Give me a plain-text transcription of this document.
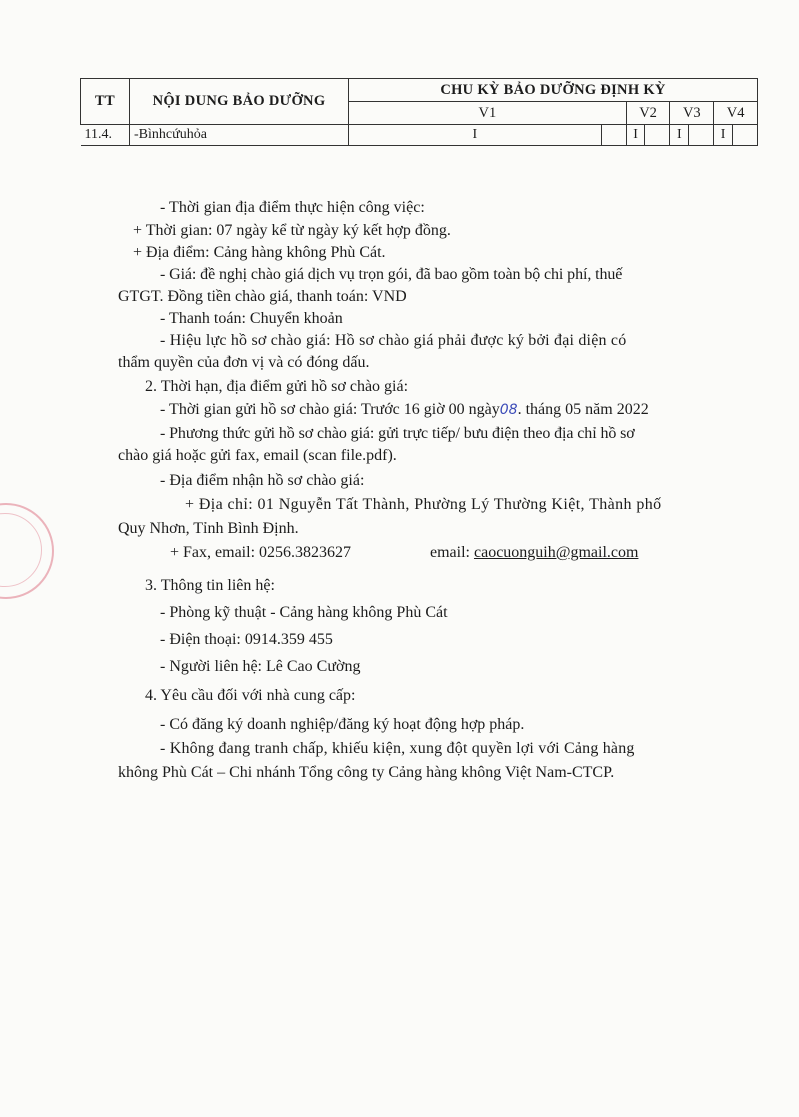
TT	NỘI DUNG BẢO DƯỠNG	CHU KỲ BẢO DƯỠNG ĐỊNH KỲ							
		V1		V2		V3		V4	
11.4.	-Bìnhcứuhỏa	I		I		I		I	
- Thời gian địa điểm thực hiện công việc:
+ Thời gian: 07 ngày kể từ ngày ký kết hợp đồng.
+ Địa điểm: Cảng hàng không Phù Cát.
- Giá: đề nghị chào giá dịch vụ trọn gói, đã bao gồm toàn bộ chi phí, thuế
GTGT. Đồng tiền chào giá, thanh toán: VND
- Thanh toán: Chuyển khoản
- Hiệu lực hồ sơ chào giá: Hồ sơ chào giá phải được ký bởi đại diện có
thẩm quyền của đơn vị và có đóng dấu.
2. Thời hạn, địa điểm gửi hồ sơ chào giá:
- Thời gian gửi hồ sơ chào giá: Trước 16 giờ 00 ngày08. tháng 05 năm 2022
- Phương thức gửi hồ sơ chào giá: gửi trực tiếp/ bưu điện theo địa chỉ hồ sơ
chào giá hoặc gửi fax, email (scan file.pdf).
- Địa điểm nhận hồ sơ chào giá:
+ Địa chỉ: 01 Nguyễn Tất Thành, Phường Lý Thường Kiệt, Thành phố
Quy Nhơn, Tỉnh Bình Định.
+ Fax, email: 0256.3823627	email: caocuonguih@gmail.com
3. Thông tin liên hệ:
- Phòng kỹ thuật - Cảng hàng không Phù Cát
- Điện thoại: 0914.359 455
- Người liên hệ: Lê Cao Cường
4. Yêu cầu đối với nhà cung cấp:
- Có đăng ký doanh nghiệp/đăng ký hoạt động hợp pháp.
- Không đang tranh chấp, khiếu kiện, xung đột quyền lợi với Cảng hàng
không Phù Cát – Chi nhánh Tổng công ty Cảng hàng không Việt Nam-CTCP.
